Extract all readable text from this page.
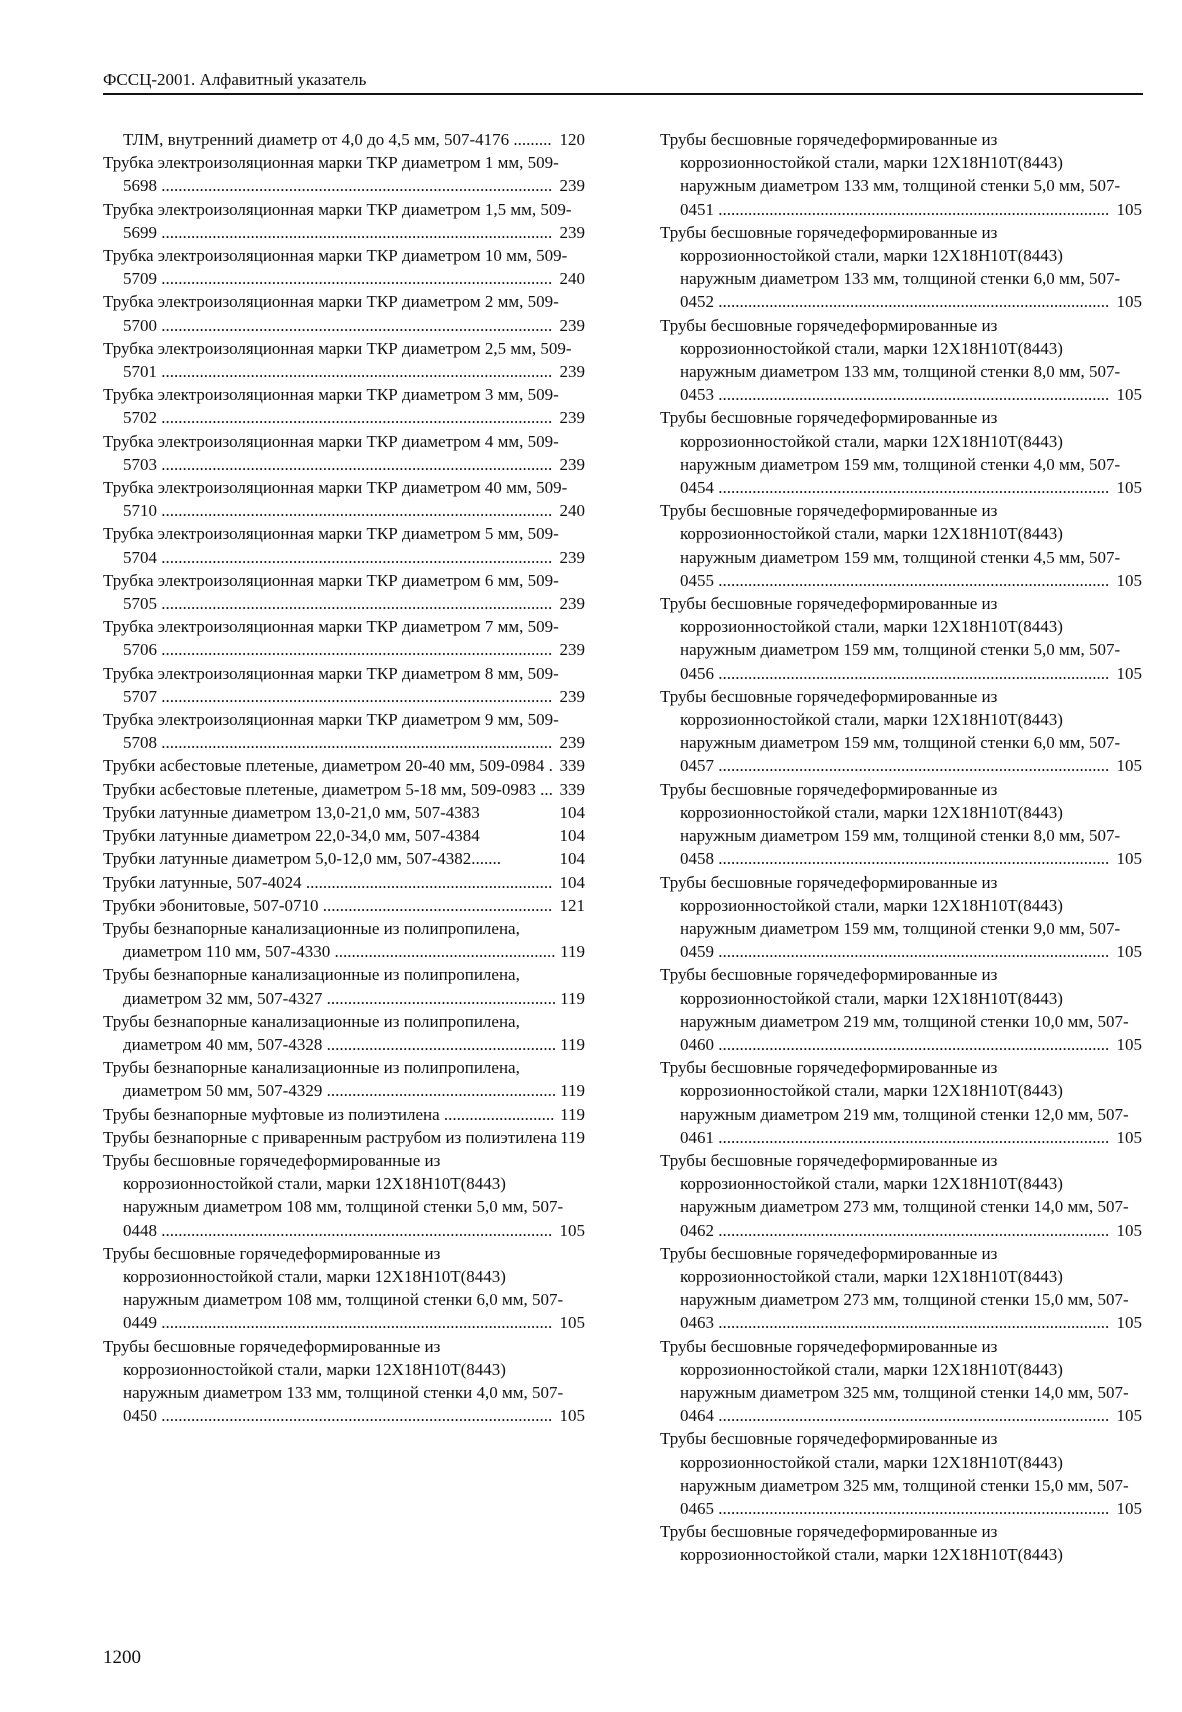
ФССЦ-2001. Алфавитный указатель
ТЛМ, внутренний диаметр от 4,0 до 4,5 мм, 507-4176 ......... 120
Трубка электроизоляционная марки ТКР диаметром 1 мм, 509-5698 ............................................................................................ 239
Трубка электроизоляционная марки ТКР диаметром 1,5 мм, 509-5699 ............................................................................................ 239
Трубка электроизоляционная марки ТКР диаметром 10 мм, 509-5709 ............................................................................................ 240
Трубка электроизоляционная марки ТКР диаметром 2 мм, 509-5700 ............................................................................................ 239
Трубка электроизоляционная марки ТКР диаметром 2,5 мм, 509-5701 ............................................................................................ 239
Трубка электроизоляционная марки ТКР диаметром 3 мм, 509-5702 ............................................................................................ 239
Трубка электроизоляционная марки ТКР диаметром 4 мм, 509-5703 ............................................................................................ 239
Трубка электроизоляционная марки ТКР диаметром 40 мм, 509-5710 ............................................................................................ 240
Трубка электроизоляционная марки ТКР диаметром 5 мм, 509-5704 ............................................................................................ 239
Трубка электроизоляционная марки ТКР диаметром 6 мм, 509-5705 ............................................................................................ 239
Трубка электроизоляционная марки ТКР диаметром 7 мм, 509-5706 ............................................................................................ 239
Трубка электроизоляционная марки ТКР диаметром 8 мм, 509-5707 ............................................................................................ 239
Трубка электроизоляционная марки ТКР диаметром 9 мм, 509-5708 ............................................................................................ 239
Трубки асбестовые плетеные, диаметром 20-40 мм, 509-0984 . 339
Трубки асбестовые плетеные, диаметром 5-18 мм, 509-0983 ... 339
Трубки латунные диаметром 13,0-21,0 мм, 507-4383	104
Трубки латунные диаметром 22,0-34,0 мм, 507-4384	104
Трубки латунные диаметром 5,0-12,0 мм, 507-4382.......	104
Трубки латунные, 507-4024 .......................................................... 104
Трубки эбонитовые, 507-0710 ...................................................... 121
Трубы безнапорные канализационные из полипропилена, диаметром 110 мм, 507-4330 .................................................... 119
Трубы безнапорные канализационные из полипропилена, диаметром 32 мм, 507-4327 ...................................................... 119
Трубы безнапорные канализационные из полипропилена, диаметром 40 мм, 507-4328 ...................................................... 119
Трубы безнапорные канализационные из полипропилена, диаметром 50 мм, 507-4329 ...................................................... 119
Трубы безнапорные муфтовые из полиэтилена .......................... 119
Трубы безнапорные с приваренным раструбом из полиэтилена 119
Трубы бесшовные горячедеформированные из коррозионностойкой стали, марки 12Х18Н10Т(8443) наружным диаметром 108 мм, толщиной стенки 5,0 мм, 507-0448 ............................................................................................ 105
Трубы бесшовные горячедеформированные из коррозионностойкой стали, марки 12Х18Н10Т(8443) наружным диаметром 108 мм, толщиной стенки 6,0 мм, 507-0449 ............................................................................................ 105
Трубы бесшовные горячедеформированные из коррозионностойкой стали, марки 12Х18Н10Т(8443) наружным диаметром 133 мм, толщиной стенки 4,0 мм, 507-0450 ............................................................................................ 105
Трубы бесшовные горячедеформированные из коррозионностойкой стали, марки 12Х18Н10Т(8443) наружным диаметром 133 мм, толщиной стенки 5,0 мм, 507-0451 ............................................................................................ 105
Трубы бесшовные горячедеформированные из коррозионностойкой стали, марки 12Х18Н10Т(8443) наружным диаметром 133 мм, толщиной стенки 6,0 мм, 507-0452 ............................................................................................ 105
Трубы бесшовные горячедеформированные из коррозионностойкой стали, марки 12Х18Н10Т(8443) наружным диаметром 133 мм, толщиной стенки 8,0 мм, 507-0453 ............................................................................................ 105
Трубы бесшовные горячедеформированные из коррозионностойкой стали, марки 12Х18Н10Т(8443) наружным диаметром 159 мм, толщиной стенки 4,0 мм, 507-0454 ............................................................................................ 105
Трубы бесшовные горячедеформированные из коррозионностойкой стали, марки 12Х18Н10Т(8443) наружным диаметром 159 мм, толщиной стенки 4,5 мм, 507-0455 ............................................................................................ 105
Трубы бесшовные горячедеформированные из коррозионностойкой стали, марки 12Х18Н10Т(8443) наружным диаметром 159 мм, толщиной стенки 5,0 мм, 507-0456 ............................................................................................ 105
Трубы бесшовные горячедеформированные из коррозионностойкой стали, марки 12Х18Н10Т(8443) наружным диаметром 159 мм, толщиной стенки 6,0 мм, 507-0457 ............................................................................................ 105
Трубы бесшовные горячедеформированные из коррозионностойкой стали, марки 12Х18Н10Т(8443) наружным диаметром 159 мм, толщиной стенки 8,0 мм, 507-0458 ............................................................................................ 105
Трубы бесшовные горячедеформированные из коррозионностойкой стали, марки 12Х18Н10Т(8443) наружным диаметром 159 мм, толщиной стенки 9,0 мм, 507-0459 ............................................................................................ 105
Трубы бесшовные горячедеформированные из коррозионностойкой стали, марки 12Х18Н10Т(8443) наружным диаметром 219 мм, толщиной стенки 10,0 мм, 507-0460 ............................................................................................ 105
Трубы бесшовные горячедеформированные из коррозионностойкой стали, марки 12Х18Н10Т(8443) наружным диаметром 219 мм, толщиной стенки 12,0 мм, 507-0461 ............................................................................................ 105
Трубы бесшовные горячедеформированные из коррозионностойкой стали, марки 12Х18Н10Т(8443) наружным диаметром 273 мм, толщиной стенки 14,0 мм, 507-0462 ............................................................................................ 105
Трубы бесшовные горячедеформированные из коррозионностойкой стали, марки 12Х18Н10Т(8443) наружным диаметром 273 мм, толщиной стенки 15,0 мм, 507-0463 ............................................................................................ 105
Трубы бесшовные горячедеформированные из коррозионностойкой стали, марки 12Х18Н10Т(8443) наружным диаметром 325 мм, толщиной стенки 14,0 мм, 507-0464 ............................................................................................ 105
Трубы бесшовные горячедеформированные из коррозионностойкой стали, марки 12Х18Н10Т(8443) наружным диаметром 325 мм, толщиной стенки 15,0 мм, 507-0465 ............................................................................................ 105
Трубы бесшовные горячедеформированные из коррозионностойкой стали, марки 12Х18Н10Т(8443)
1200
